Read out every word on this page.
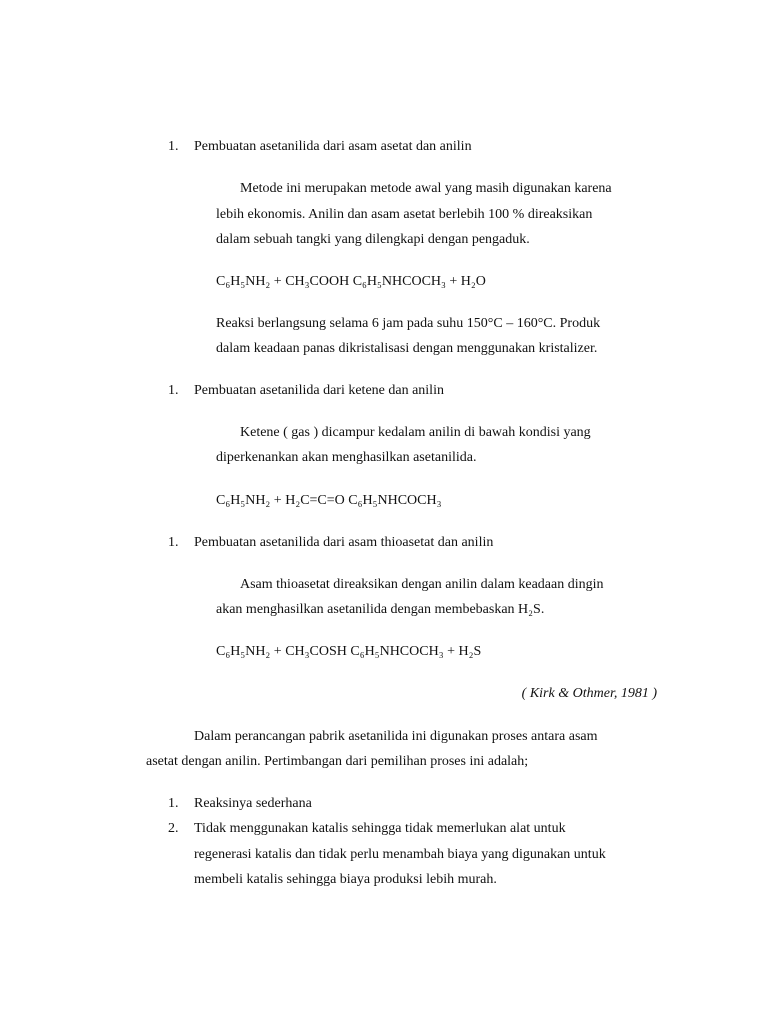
1. Pembuatan asetanilida dari asam asetat dan anilin
Metode ini merupakan metode awal yang masih digunakan karena
lebih ekonomis. Anilin dan asam asetat berlebih 100 % direaksikan
dalam sebuah tangki yang dilengkapi dengan pengaduk.
C₆H₅NH₂ + CH₃COOH C₆H₅NHCOCH₃ + H₂O
Reaksi berlangsung selama 6 jam pada suhu 150°C – 160°C. Produk
dalam keadaan panas dikristalisasi dengan menggunakan kristalizer.
1. Pembuatan asetanilida dari ketene dan anilin
Ketene ( gas ) dicampur kedalam anilin di bawah kondisi yang
diperkenankan akan menghasilkan asetanilida.
C₆H₅NH₂ + H₂C=C=O C₆H₅NHCOCH₃
1. Pembuatan asetanilida dari asam thioasetat dan anilin
Asam thioasetat direaksikan dengan anilin dalam keadaan dingin
akan menghasilkan asetanilida dengan membebaskan H₂S.
C₆H₅NH₂ + CH₃COSH C₆H₅NHCOCH₃ + H₂S
( Kirk & Othmer, 1981 )
Dalam perancangan pabrik asetanilida ini digunakan proses antara asam
asetat dengan anilin. Pertimbangan dari pemilihan proses ini adalah;
1. Reaksinya sederhana
2. Tidak menggunakan katalis sehingga tidak memerlukan alat untuk
regenerasi katalis dan tidak perlu menambah biaya yang digunakan untuk
membeli katalis sehingga biaya produksi lebih murah.
